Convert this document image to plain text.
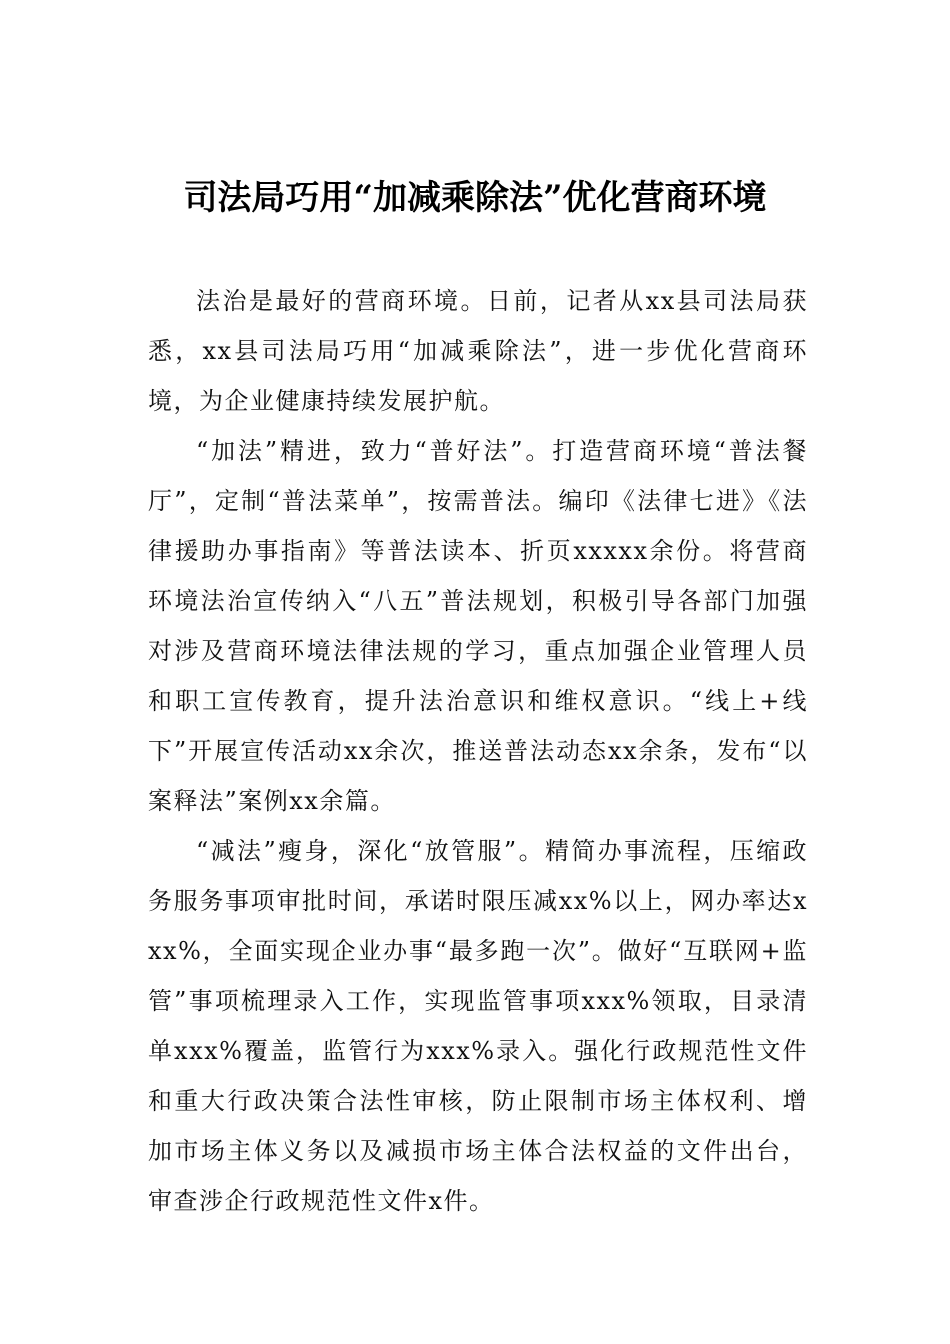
司法局巧用“加减乘除法”优化营商环境

法治是最好的营商环境。日前，记者从xx县司法局获悉，xx县司法局巧用“加减乘除法”，进一步优化营商环境，为企业健康持续发展护航。

“加法”精进，致力“普好法”。打造营商环境“普法餐厅”，定制“普法菜单”，按需普法。编印《法律七进》《法律援助办事指南》等普法读本、折页xxxxx余份。将营商环境法治宣传纳入“八五”普法规划，积极引导各部门加强对涉及营商环境法律法规的学习，重点加强企业管理人员和职工宣传教育，提升法治意识和维权意识。“线上+线下”开展宣传活动xx余次，推送普法动态xx余条，发布“以案释法”案例xx余篇。

“减法”瘦身，深化“放管服”。精简办事流程，压缩政务服务事项审批时间，承诺时限压减xx%以上，网办率达xxx%，全面实现企业办事“最多跑一次”。做好“互联网+监管”事项梳理录入工作，实现监管事项xxx%领取，目录清单xxx%覆盖，监管行为xxx%录入。强化行政规范性文件和重大行政决策合法性审核，防止限制市场主体权利、增加市场主体义务以及减损市场主体合法权益的文件出台，审查涉企行政规范性文件x件。
